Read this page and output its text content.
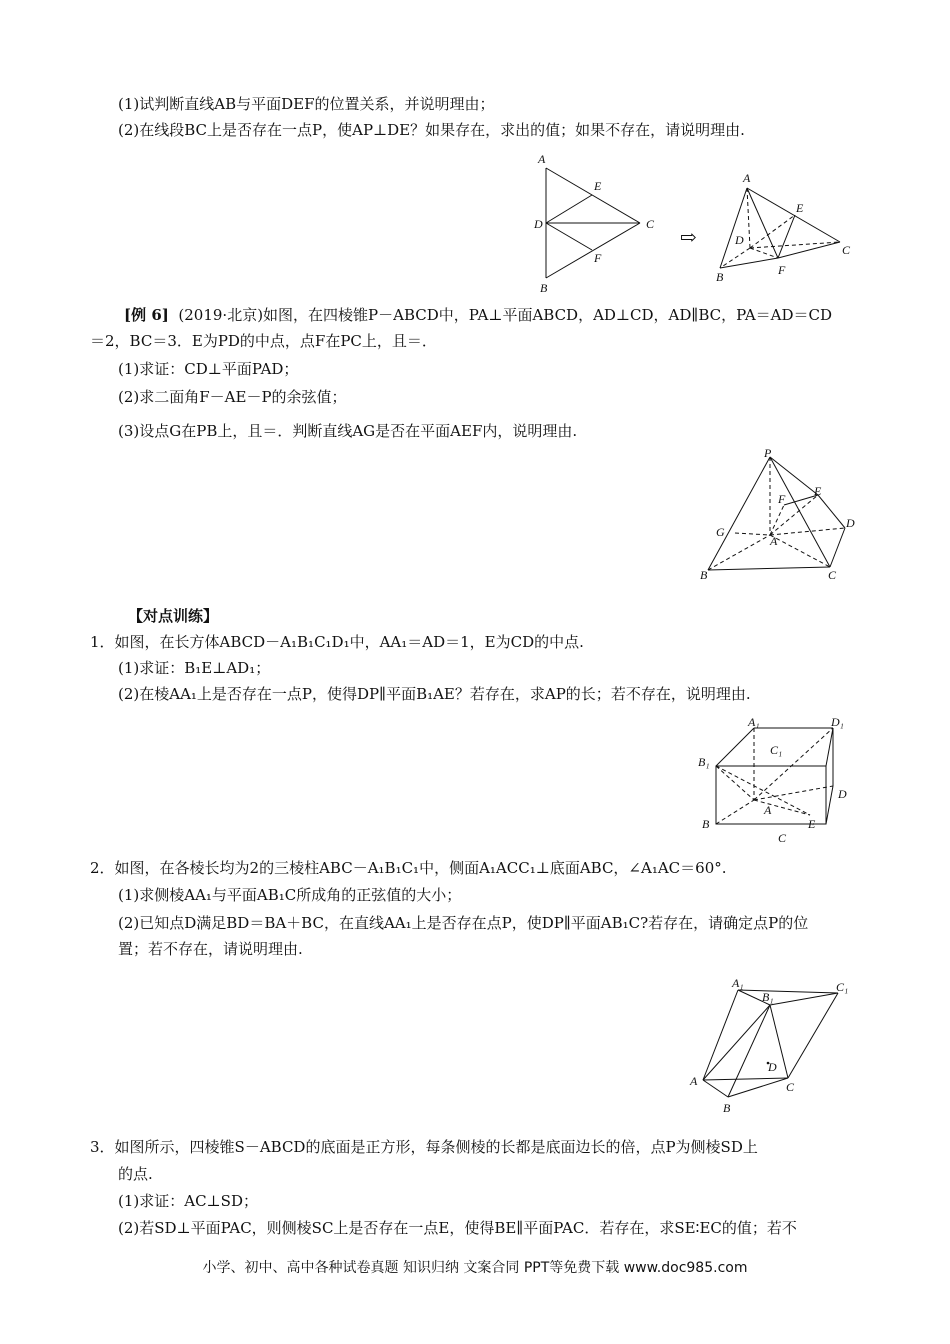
(1)试判断直线AB与平面DEF的位置关系，并说明理由；
(2)在线段BC上是否存在一点P，使AP⊥DE？如果存在，求出的值；如果不存在，请说明理由.
A
D
B
E
F
C
⇨
A
D
B
E
F
C
[例 6] (2019·北京)如图，在四棱锥P－ABCD中，PA⊥平面ABCD，AD⊥CD，AD∥BC，PA＝AD＝CD
＝2，BC＝3．E为PD的中点，点F在PC上，且＝．
(1)求证：CD⊥平面PAD；
(2)求二面角F－AE－P的余弦值；
(3)设点G在PB上，且＝．判断直线AG是否在平面AEF内，说明理由.
P
F
E
D
G
A
B	C
【对点训练】
1．如图，在长方体ABCD－A₁B₁C₁D₁中，AA₁＝AD＝1，E为CD的中点.
(1)求证：B₁E⊥AD₁；
(2)在棱AA₁上是否存在一点P，使得DP∥平面B₁AE？若存在，求AP的长；若不存在，说明理由.
A₁	D₁
C₁
B₁
D
A
B	E
C
2．如图，在各棱长均为2的三棱柱ABC－A₁B₁C₁中，侧面A₁ACC₁⊥底面ABC，∠A₁AC＝60°.
(1)求侧棱AA₁与平面AB₁C所成角的正弦值的大小；
(2)已知点D满足BD＝BA＋BC，在直线AA₁上是否存在点P，使DP∥平面AB₁C?若存在，请确定点P的位
置；若不存在，请说明理由.
A₁
B₁
C₁
D
A	C
B
3．如图所示，四棱锥S－ABCD的底面是正方形，每条侧棱的长都是底面边长的倍，点P为侧棱SD上
的点.
(1)求证：AC⊥SD；
(2)若SD⊥平面PAC，则侧棱SC上是否存在一点E，使得BE∥平面PAC．若存在，求SE∶EC的值；若不
小学、初中、高中各种试卷真题 知识归纳 文案合同 PPT等免费下载 www.doc985.com
